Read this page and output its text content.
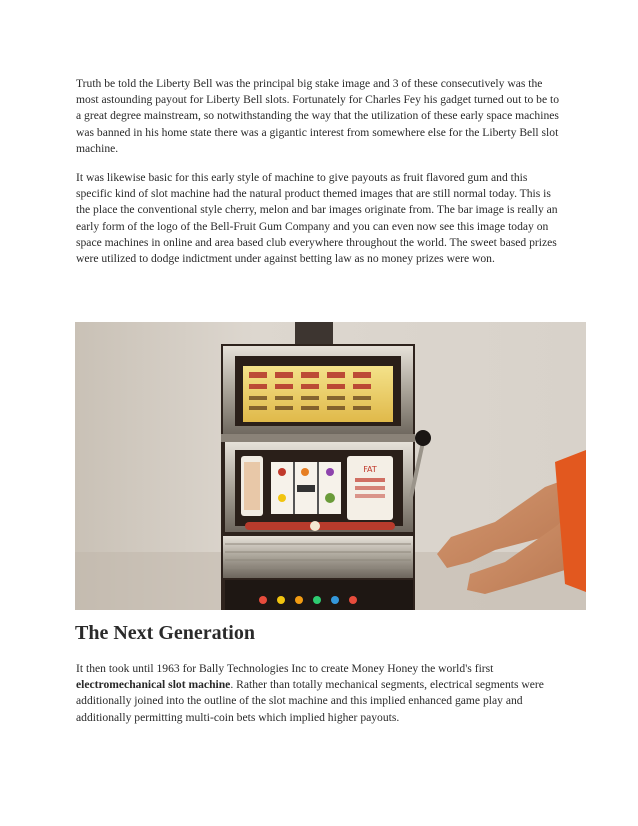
Truth be told the Liberty Bell was the principal big stake image and 3 of these consecutively was the most astounding payout for Liberty Bell slots. Fortunately for Charles Fey his gadget turned out to be to a great degree mainstream, so notwithstanding the way that the utilization of these early space machines was banned in his home state there was a gigantic interest from somewhere else for the Liberty Bell slot machine.

It was likewise basic for this early style of machine to give payouts as fruit flavored gum and this specific kind of slot machine had the natural product themed images that are still normal today. This is the place the conventional style cherry, melon and bar images originate from. The bar image is really an early form of the logo of the Bell-Fruit Gum Company and you can even now see this image today on space machines in online and area based club everywhere throughout the world. The sweet based prizes were utilized to dodge indictment under against betting law as no money prizes were won.

FAT
The Next Generation

It then took until 1963 for Bally Technologies Inc to create Money Honey the world's first electromechanical slot machine. Rather than totally mechanical segments, electrical segments were additionally joined into the outline of the slot machine and this implied enhanced game play and additionally permitting multi-coin bets which implied higher payouts.
